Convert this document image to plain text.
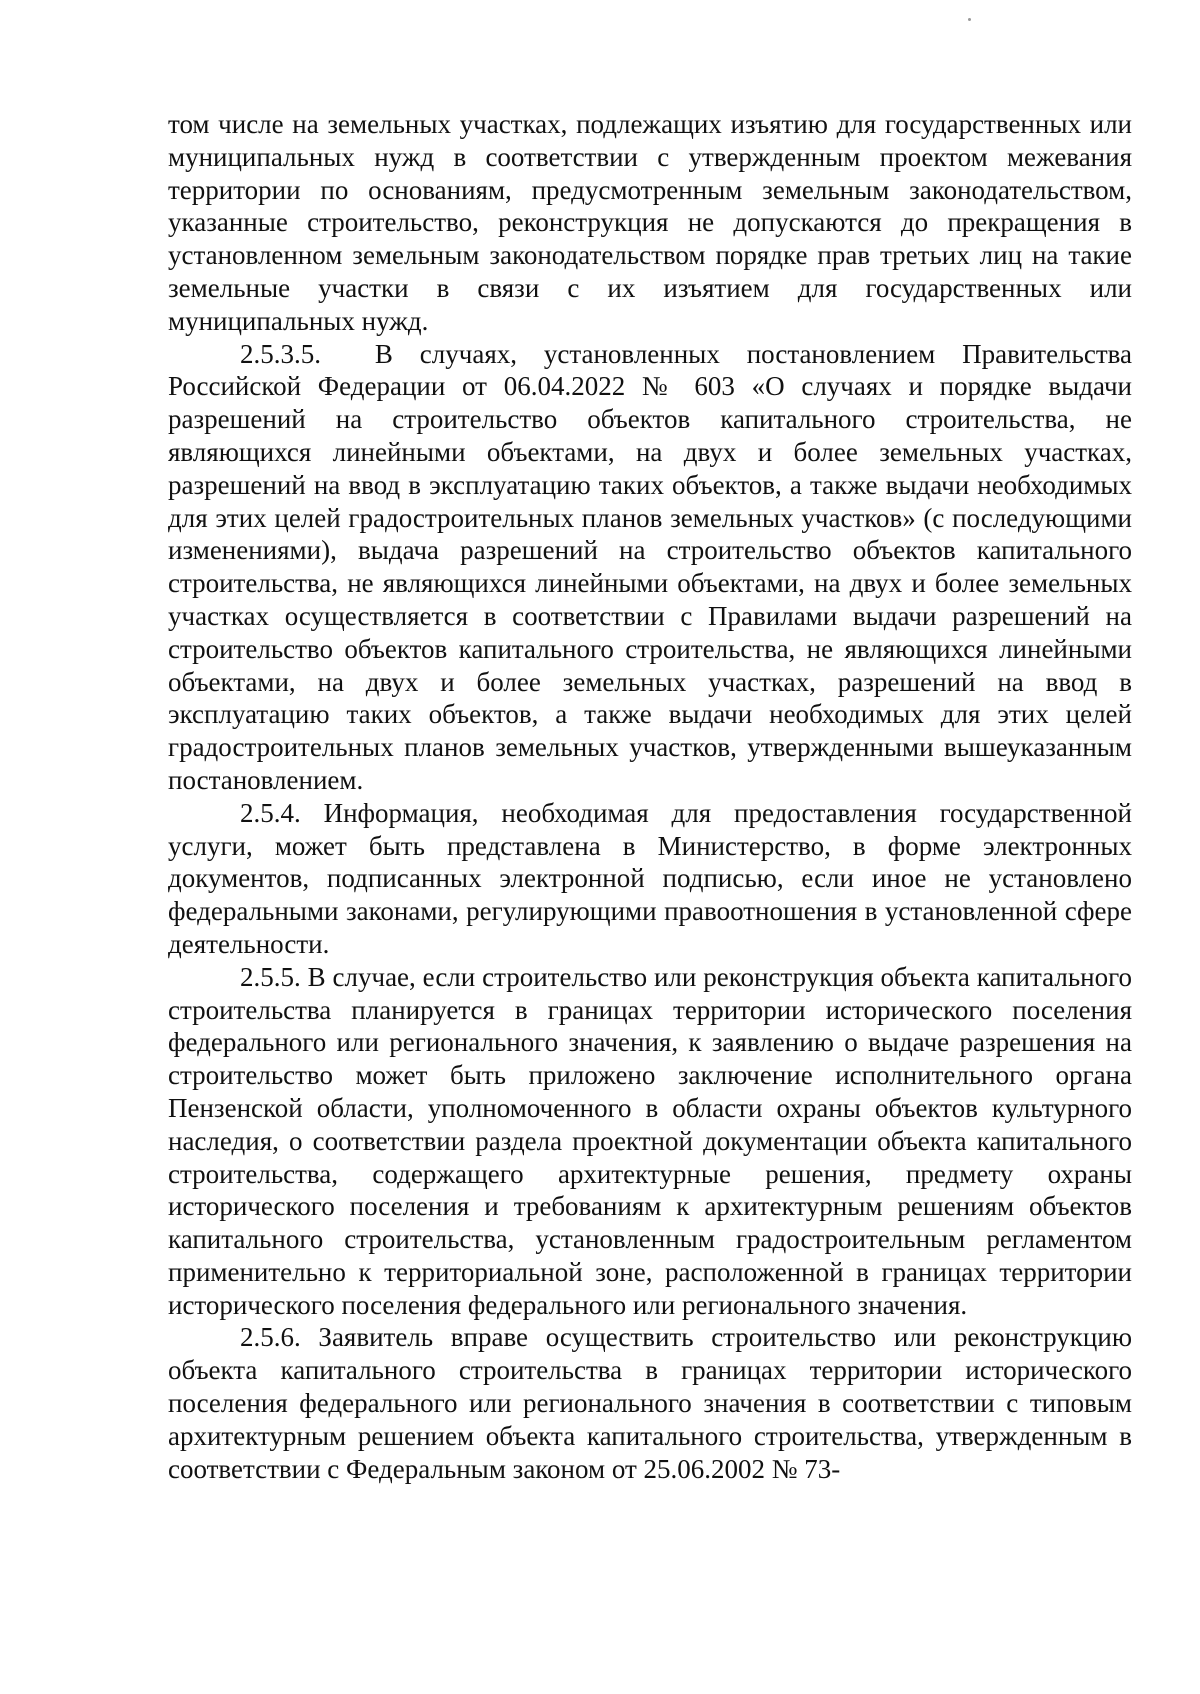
том числе на земельных участках, подлежащих изъятию для государственных или муниципальных нужд в соответствии с утвержденным проектом межевания территории по основаниям, предусмотренным земельным законодательством, указанные строительство, реконструкция не допускаются до прекращения в установленном земельным законодательством порядке прав третьих лиц на такие земельные участки в связи с их изъятием для государственных или муниципальных нужд.

2.5.3.5.  В случаях, установленных постановлением Правительства Российской Федерации от 06.04.2022 № 603 «О случаях и порядке выдачи разрешений на строительство объектов капитального строительства, не являющихся линейными объектами, на двух и более земельных участках, разрешений на ввод в эксплуатацию таких объектов, а также выдачи необходимых для этих целей градостроительных планов земельных участков» (с последующими изменениями), выдача разрешений на строительство объектов капитального строительства, не являющихся линейными объектами, на двух и более земельных участках осуществляется в соответствии с Правилами выдачи разрешений на строительство объектов капитального строительства, не являющихся линейными объектами, на двух и более земельных участках, разрешений на ввод в эксплуатацию таких объектов, а также выдачи необходимых для этих целей градостроительных планов земельных участков, утвержденными вышеуказанным постановлением.

2.5.4. Информация, необходимая для предоставления государственной услуги, может быть представлена в Министерство, в форме электронных документов, подписанных электронной подписью, если иное не установлено федеральными законами, регулирующими правоотношения в установленной сфере деятельности.

2.5.5. В случае, если строительство или реконструкция объекта капитального строительства планируется в границах территории исторического поселения федерального или регионального значения, к заявлению о выдаче разрешения на строительство может быть приложено заключение исполнительного органа Пензенской области, уполномоченного в области охраны объектов культурного наследия, о соответствии раздела проектной документации объекта капитального строительства, содержащего архитектурные решения, предмету охраны исторического поселения и требованиям к архитектурным решениям объектов капитального строительства, установленным градостроительным регламентом применительно к территориальной зоне, расположенной в границах территории исторического поселения федерального или регионального значения.

2.5.6. Заявитель вправе осуществить строительство или реконструкцию объекта капитального строительства в границах территории исторического поселения федерального или регионального значения в соответствии с типовым архитектурным решением объекта капитального строительства, утвержденным в соответствии с Федеральным законом от 25.06.2002 № 73-
